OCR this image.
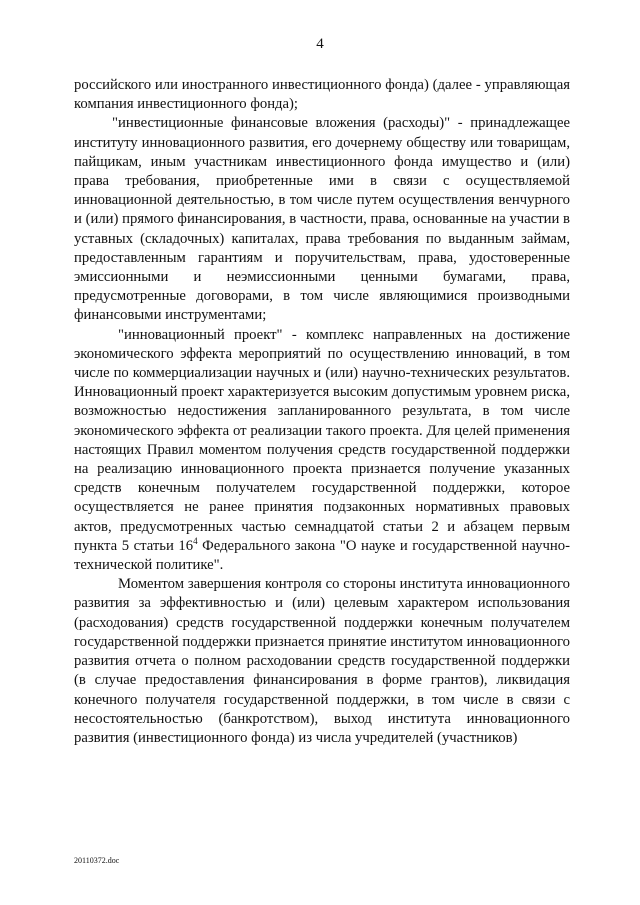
4

российского или иностранного инвестиционного фонда) (далее - управляющая компания инвестиционного фонда);

"инвестиционные финансовые вложения (расходы)" - принадлежащее институту инновационного развития, его дочернему обществу или товарищам, пайщикам, иным участникам инвестиционного фонда имущество и (или) права требования, приобретенные ими в связи с осуществляемой инновационной деятельностью, в том числе путем осуществления венчурного и (или) прямого финансирования, в частности, права, основанные на участии в уставных (складочных) капиталах, права требования по выданным займам, предоставленным гарантиям и поручительствам, права, удостоверенные эмиссионными и неэмиссионными ценными бумагами, права, предусмотренные договорами, в том числе являющимися производными финансовыми инструментами;

"инновационный проект" - комплекс направленных на достижение экономического эффекта мероприятий по осуществлению инноваций, в том числе по коммерциализации научных и (или) научно-технических результатов. Инновационный проект характеризуется высоким допустимым уровнем риска, возможностью недостижения запланированного результата, в том числе экономического эффекта от реализации такого проекта. Для целей применения настоящих Правил моментом получения средств государственной поддержки на реализацию инновационного проекта признается получение указанных средств конечным получателем государственной поддержки, которое осуществляется не ранее принятия подзаконных нормативных правовых актов, предусмотренных частью семнадцатой статьи 2 и абзацем первым пункта 5 статьи $16^4$ Федерального закона "О науке и государственной научно-технической политике".

Моментом завершения контроля со стороны института инновационного развития за эффективностью и (или) целевым характером использования (расходования) средств государственной поддержки конечным получателем государственной поддержки признается принятие институтом инновационного развития отчета о полном расходовании средств государственной поддержки (в случае предоставления финансирования в форме грантов), ликвидация конечного получателя государственной поддержки, в том числе в связи с несостоятельностью (банкротством), выход института инновационного развития (инвестиционного фонда) из числа учредителей (участников)

20110372.doc
